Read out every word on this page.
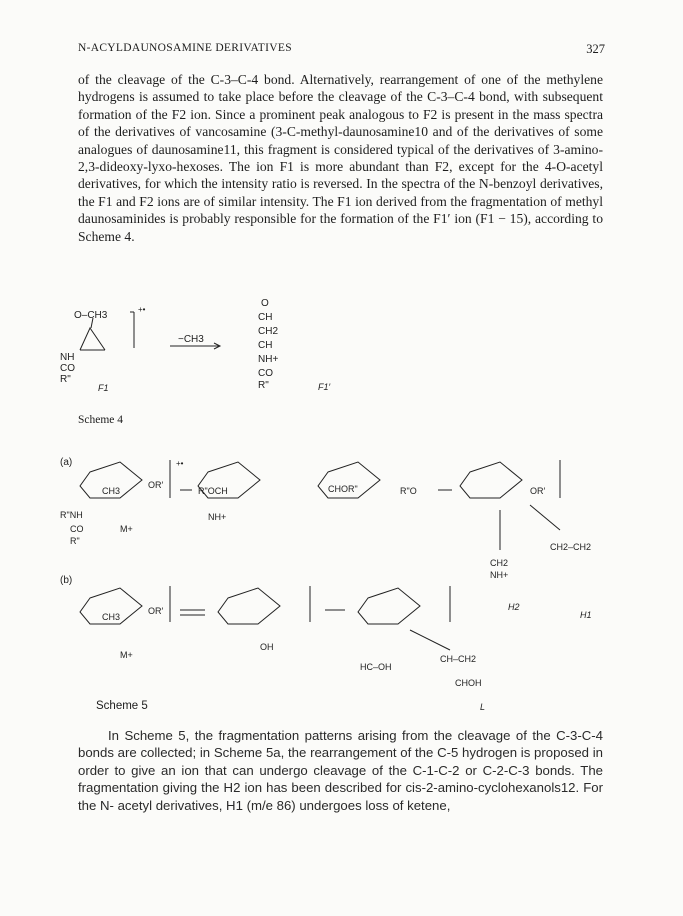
N-ACYLDAUNOSAMINE DERIVATIVES	327

of the cleavage of the C-3–C-4 bond. Alternatively, rearrangement of one of the methylene hydrogens is assumed to take place before the cleavage of the C-3–C-4 bond, with subsequent formation of the F2 ion. Since a prominent peak analogous to F2 is present in the mass spectra of the derivatives of vancosamine (3-C-methyl-daunosamine10 and of the derivatives of some analogues of daunosamine11, this fragment is considered typical of the derivatives of 3-amino-2,3-dideoxy-lyxo-hexoses. The ion F1 is more abundant than F2, except for the 4-O-acetyl derivatives, for which the intensity ratio is reversed. In the spectra of the N-benzoyl derivatives, the F1 and F2 ions are of similar intensity. The F1 ion derived from the fragmentation of methyl daunosaminides is probably responsible for the formation of the F1′ ion (F1 − 15), according to Scheme 4.

O–CH3
+•
NH
CO
R"
F1
−CH3
O
CH
CH2
CH
NH+
CO
R"	F1′
Scheme 4
(a)
(b)
CH3
OR′
R"NH
CO
R"
M+
+•
R"OCH
NH+
CHOR"	R"O	OR′
CH2
NH+
CH2–CH2
H2
H1
CH3
OR′
M+
OH
HC–OH
CH–CH2
CHOH
L
Scheme 5

In Scheme 5, the fragmentation patterns arising from the cleavage of the C-3-C-4 bonds are collected; in Scheme 5a, the rearrangement of the C-5 hydrogen is proposed in order to give an ion that can undergo cleavage of the C-1-C-2 or C-2-C-3 bonds. The fragmentation giving the H2 ion has been described for cis-2-amino-cyclohexanols12. For the N- acetyl derivatives, H1 (m/e 86) undergoes loss of ketene,
